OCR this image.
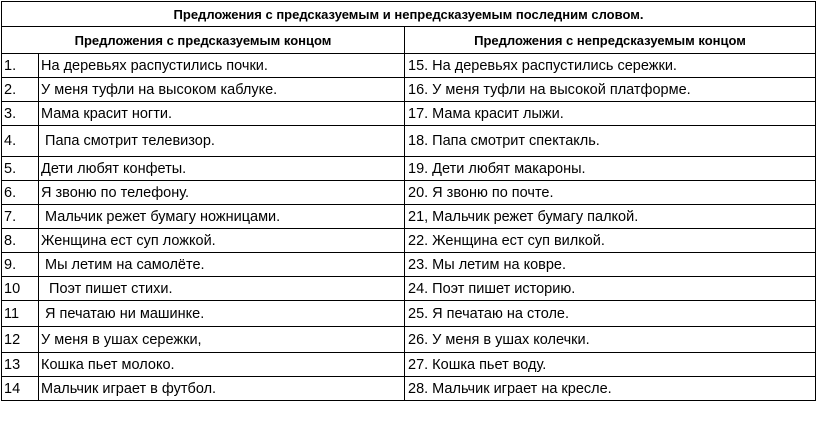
Предложения с предсказуемым и непредсказуемым последним словом.		
Предложения с предсказуемым концом		Предложения с непредсказуемым концом
1.	На деревьях распустились почки.	15. На деревьях распустились сережки.
2.	У меня туфли на высоком каблуке.	16. У меня туфли на высокой платформе.
3.	Мама красит ногти.	17. Мама красит лыжи.
4.	Папа смотрит телевизор.	18. Папа смотрит спектакль.
5.	Дети любят конфеты.	19. Дети любят макароны.
6.	Я звоню по телефону.	20. Я звоню по почте.
7.	Мальчик режет бумагу ножницами.	21, Мальчик режет бумагу палкой.
8.	Женщина ест суп ложкой.	22. Женщина ест суп вилкой.
9.	Мы летим на самолёте.	23. Мы летим на ковре.
10	Поэт пишет стихи.	24. Поэт пишет историю.
11	Я печатаю ни машинке.	25. Я печатаю на столе.
12	У меня в ушах сережки,	26. У меня в ушах колечки.
13	Кошка пьет молоко.	27. Кошка пьет воду.
14	Мальчик играет в футбол.	28. Мальчик играет на кресле.
